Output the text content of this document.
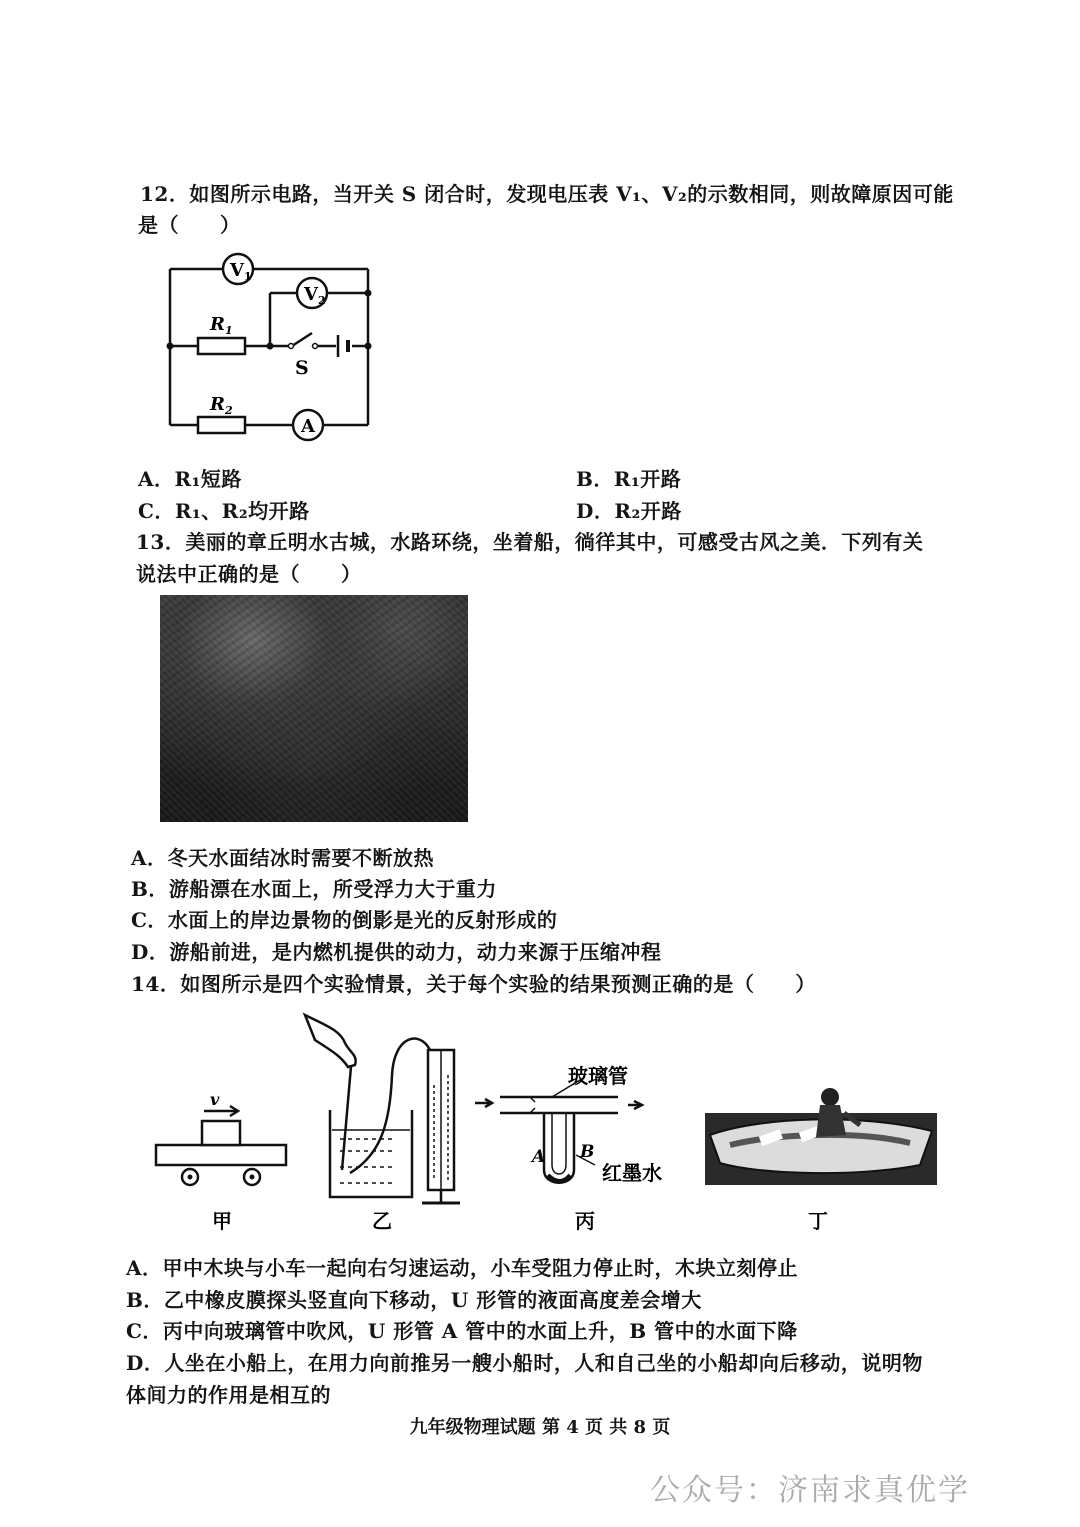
12．如图所示电路，当开关 S 闭合时，发现电压表 V₁、V₂的示数相同，则故障原因可能
是（　　）
$V_1$
$V_2$
A
$R_1$
$R_2$
S
A．R₁短路	B．R₁开路
C．R₁、R₂均开路	D．R₂开路
13．美丽的章丘明水古城，水路环绕，坐着船，徜徉其中，可感受古风之美．下列有关
说法中正确的是（　　）
A．冬天水面结冰时需要不断放热
B．游船漂在水面上，所受浮力大于重力
C．水面上的岸边景物的倒影是光的反射形成的
D．游船前进，是内燃机提供的动力，动力来源于压缩冲程
14．如图所示是四个实验情景，关于每个实验的结果预测正确的是（　　）
v
玻璃管
A B
红墨水
甲	乙	丙	丁
A．甲中木块与小车一起向右匀速运动，小车受阻力停止时，木块立刻停止
B．乙中橡皮膜探头竖直向下移动，U 形管的液面高度差会增大
C．丙中向玻璃管中吹风，U 形管 A 管中的水面上升，B 管中的水面下降
D．人坐在小船上，在用力向前推另一艘小船时，人和自己坐的小船却向后移动，说明物
体间力的作用是相互的
九年级物理试题 第 4 页 共 8 页
公众号：济南求真优学
